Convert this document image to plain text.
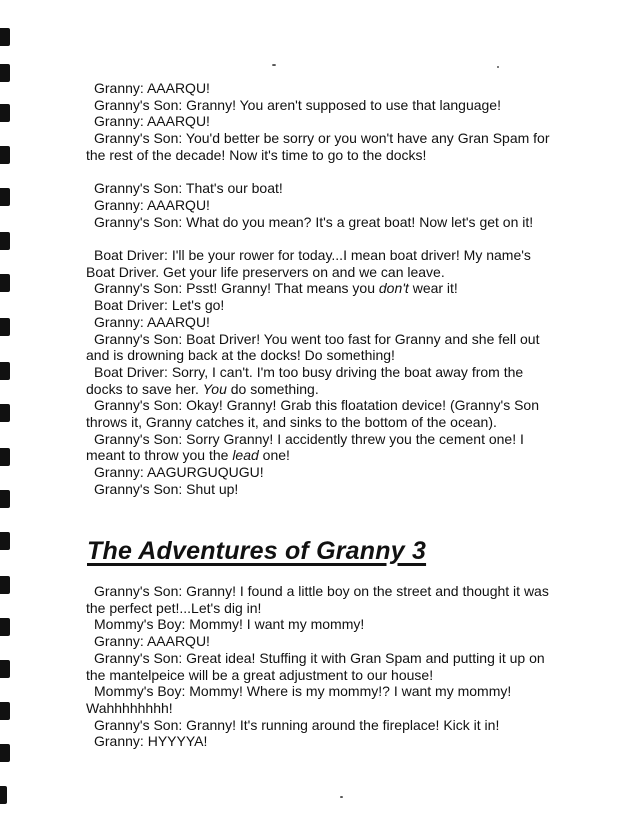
Granny: AAARQU!

Granny's Son: Granny! You aren't supposed to use that language!

Granny: AAARQU!

Granny's Son: You'd better be sorry or you won't have any Gran Spam for the rest of the decade! Now it's time to go to the docks!

Granny's Son: That's our boat!

Granny: AAARQU!

Granny's Son: What do you mean? It's a great boat! Now let's get on it!

Boat Driver: I'll be your rower for today...I mean boat driver! My name's Boat Driver. Get your life preservers on and we can leave.

Granny's Son: Psst! Granny! That means you don't wear it!

Boat Driver: Let's go!

Granny: AAARQU!

Granny's Son: Boat Driver! You went too fast for Granny and she fell out and is drowning back at the docks! Do something!

Boat Driver: Sorry, I can't. I'm too busy driving the boat away from the docks to save her. You do something.

Granny's Son: Okay! Granny! Grab this floatation device! (Granny's Son throws it, Granny catches it, and sinks to the bottom of the ocean).

Granny's Son: Sorry Granny! I accidently threw you the cement one! I meant to throw you the lead one!

Granny: AAGURGUQUGU!

Granny's Son: Shut up!

The Adventures of Granny 3

Granny's Son: Granny! I found a little boy on the street and thought it was the perfect pet!...Let's dig in!

Mommy's Boy: Mommy! I want my mommy!

Granny: AAARQU!

Granny's Son: Great idea! Stuffing it with Gran Spam and putting it up on the mantelpeice will be a great adjustment to our house!

Mommy's Boy: Mommy! Where is my mommy!? I want my mommy! Wahhhhhhhh!

Granny's Son: Granny! It's running around the fireplace! Kick it in!

Granny: HYYYYA!
